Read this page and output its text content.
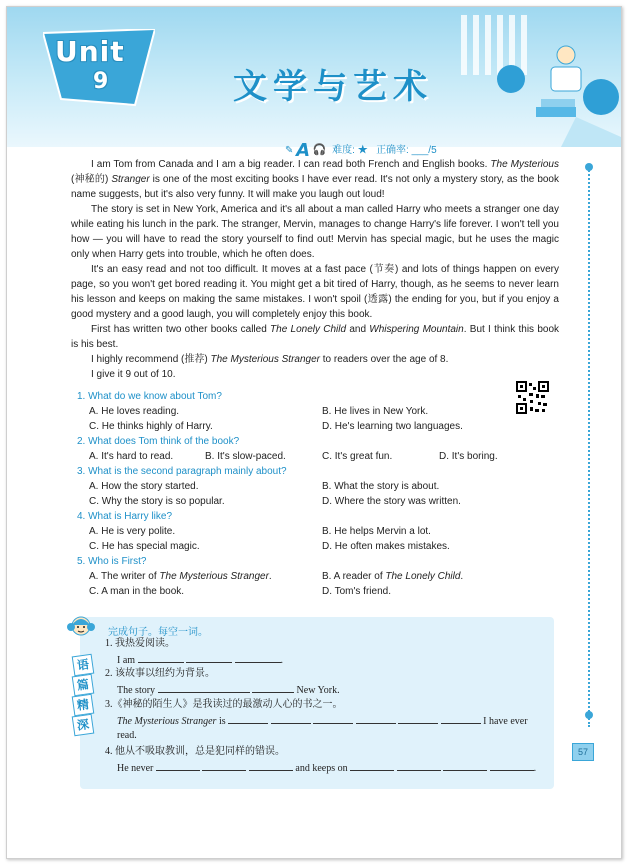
Unit
9	文学与艺术
✎ A 🎧 难度: ★ 正确率: ___/5

I am Tom from Canada and I am a big reader. I can read both French and English books. The Mysterious (神秘的) Stranger is one of the most exciting books I have ever read. It's not only a mystery story, as the book name suggests, but it's also very funny. It will make you laugh out loud!

The story is set in New York, America and it's all about a man called Harry who meets a stranger one day while eating his lunch in the park. The stranger, Mervin, manages to change Harry's life forever. I won't tell you how — you will have to read the story yourself to find out! Mervin has special magic, but he uses the magic only when Harry gets into trouble, which he often does.

It's an easy read and not too difficult. It moves at a fast pace (节奏) and lots of things happen on every page, so you won't get bored reading it. You might get a bit tired of Harry, though, as he seems to never learn his lesson and keeps on making the same mistakes. I won't spoil (透露) the ending for you, but if you enjoy a good mystery and a good laugh, you will completely enjoy this book.

First has written two other books called The Lonely Child and Whispering Mountain. But I think this book is his best.

I highly recommend (推荐) The Mysterious Stranger to readers over the age of 8.

I give it 9 out of 10.

1. What do we know about Tom?
A. He loves reading.	B. He lives in New York.
C. He thinks highly of Harry.	D. He's learning two languages.
2. What does Tom think of the book?
A. It's hard to read.	B. It's slow-paced.	C. It's great fun.	D. It's boring.
3. What is the second paragraph mainly about?
A. How the story started.	B. What the story is about.
C. Why the story is so popular.	D. Where the story was written.
4. What is Harry like?
A. He is very polite.	B. He helps Mervin a lot.
C. He has special magic.	D. He often makes mistakes.
5. Who is First?
A. The writer of The Mysterious Stranger.	B. A reader of The Lonely Child.
C. A man in the book.	D. Tom's friend.
完成句子。每空一词。
语
篇
精
深
1. 我热爱阅读。
I am	.
2. 该故事以纽约为背景。
The story	New York.
3.《神秘的陌生人》是我读过的最激动人心的书之一。
The Mysterious Stranger is	I have ever
read.
4. 他从不吸取教训，总是犯同样的错误。
He never	and keeps on	.
57
